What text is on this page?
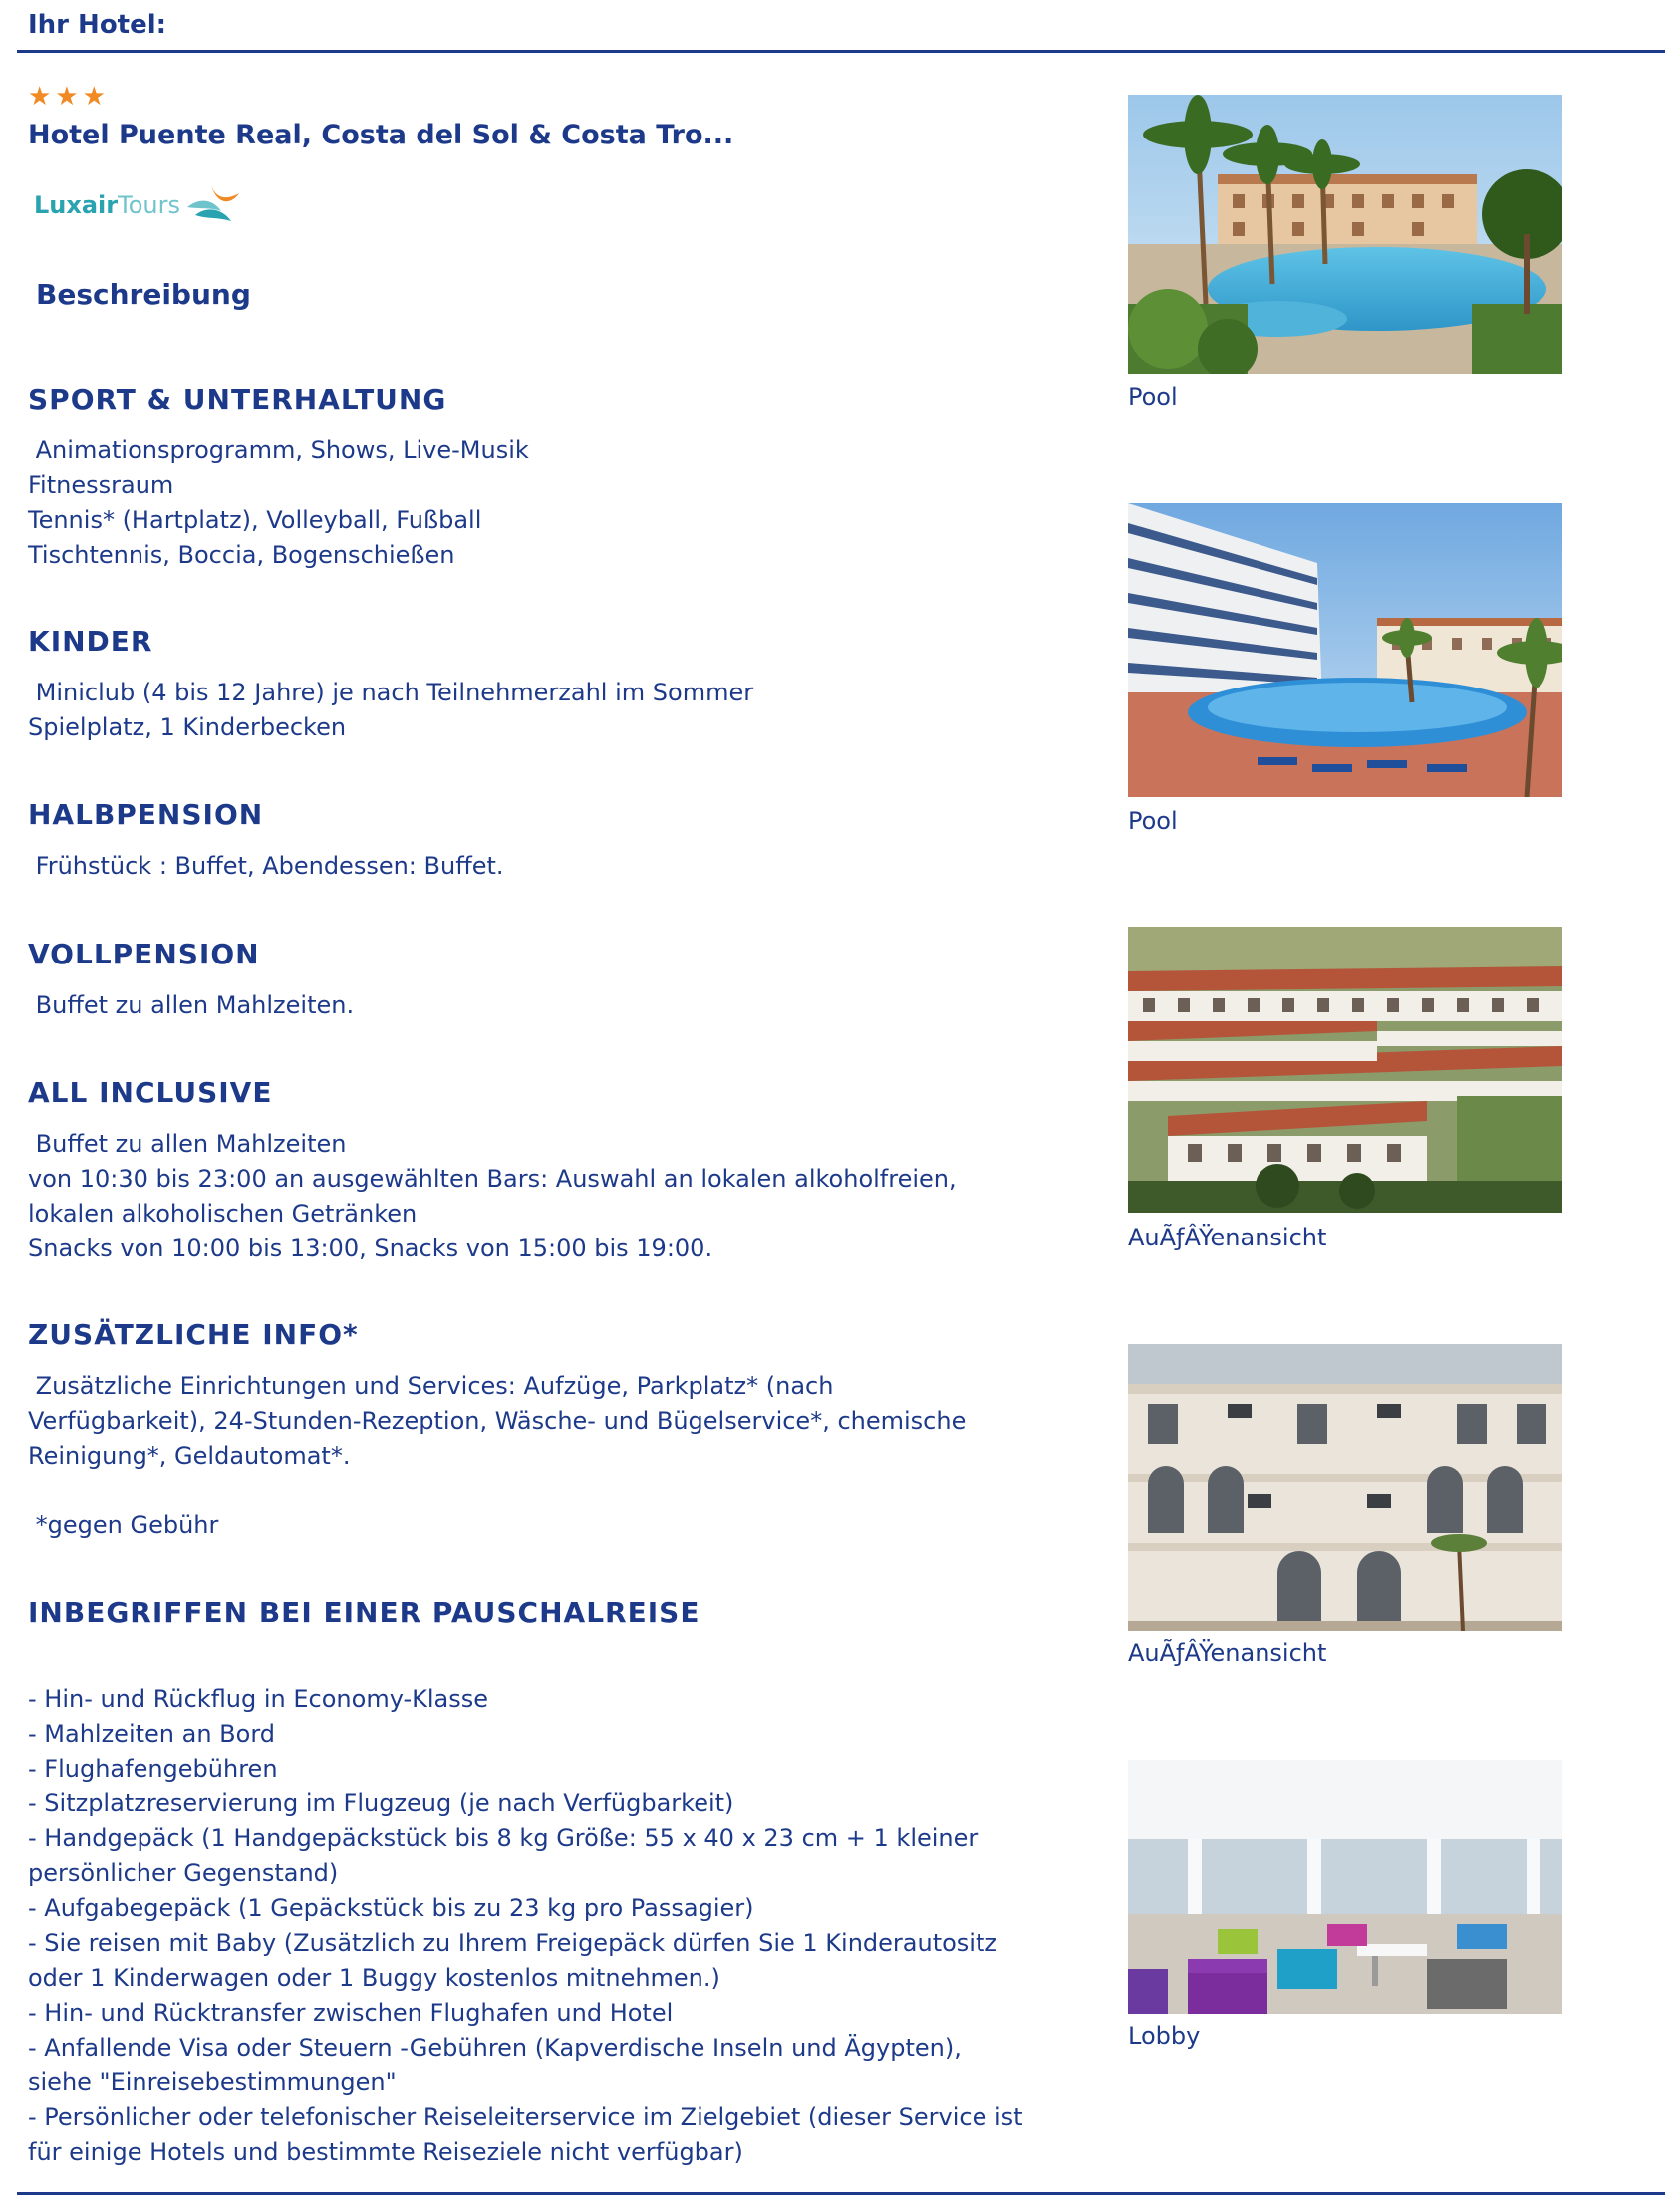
Ihr Hotel:
★★★
Hotel Puente Real, Costa del Sol & Costa Tro...
LuxairTours
Beschreibung
SPORT & UNTERHALTUNG

Animationsprogramm, Shows, Live-Musik
Fitnessraum
Tennis* (Hartplatz), Volleyball, Fußball
Tischtennis, Boccia, Bogenschießen

KINDER

Miniclub (4 bis 12 Jahre) je nach Teilnehmerzahl im Sommer
Spielplatz, 1 Kinderbecken

HALBPENSION

Frühstück : Buffet, Abendessen: Buffet.

VOLLPENSION

Buffet zu allen Mahlzeiten.

ALL INCLUSIVE

Buffet zu allen Mahlzeiten
von 10:30 bis 23:00 an ausgewählten Bars: Auswahl an lokalen alkoholfreien,
lokalen alkoholischen Getränken
Snacks von 10:00 bis 13:00, Snacks von 15:00 bis 19:00.

ZUSÄTZLICHE INFO*

Zusätzliche Einrichtungen und Services: Aufzüge, Parkplatz* (nach
Verfügbarkeit), 24-Stunden-Rezeption, Wäsche- und Bügelservice*, chemische
Reinigung*, Geldautomat*.

*gegen Gebühr

INBEGRIFFEN BEI EINER PAUSCHALREISE

- Hin- und Rückflug in Economy-Klasse
- Mahlzeiten an Bord
- Flughafengebühren
- Sitzplatzreservierung im Flugzeug (je nach Verfügbarkeit)
- Handgepäck (1 Handgepäckstück bis 8 kg Größe: 55 x 40 x 23 cm + 1 kleiner
persönlicher Gegenstand)
- Aufgabegepäck (1 Gepäckstück bis zu 23 kg pro Passagier)
- Sie reisen mit Baby (Zusätzlich zu Ihrem Freigepäck dürfen Sie 1 Kinderautositz
oder 1 Kinderwagen oder 1 Buggy kostenlos mitnehmen.)
- Hin- und Rücktransfer zwischen Flughafen und Hotel
- Anfallende Visa oder Steuern -Gebühren (Kapverdische Inseln und Ägypten),
siehe "Einreisebestimmungen"
- Persönlicher oder telefonischer Reiseleiterservice im Zielgebiet (dieser Service ist
für einige Hotels und bestimmte Reiseziele nicht verfügbar)

Pool

Pool

AuÃƒÂŸenansicht

AuÃƒÂŸenansicht

Lobby
